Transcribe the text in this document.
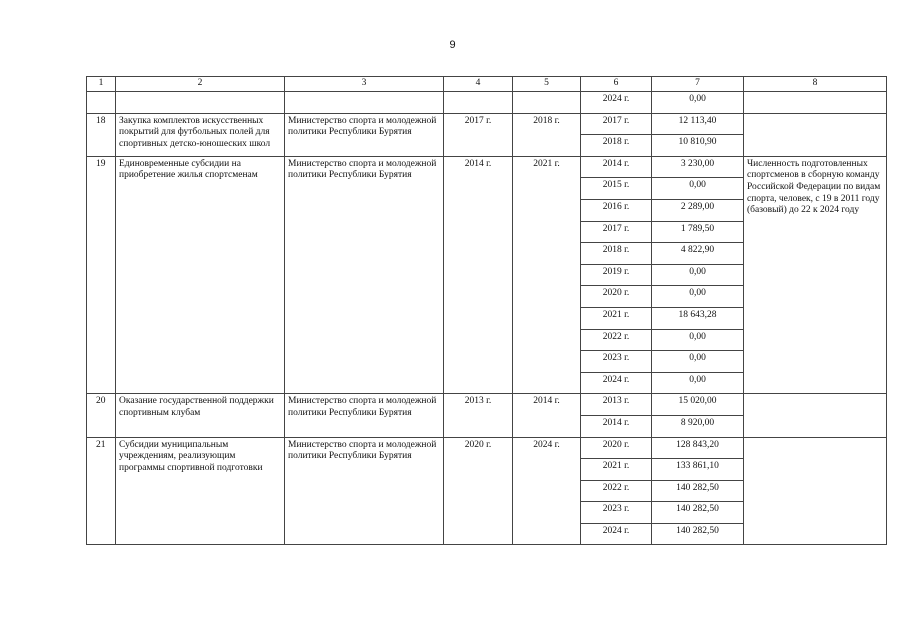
9
1	2	3	4	5	6	7	8
					2024 г.	0,00	
18	Закупка комплектов искусственных покрытий для футбольных полей для спортивных детско-юношеских школ	Министерство спорта и молодежной политики Республики Бурятия	2017 г.	2018 г.	2017 г.	12 113,40	
					2018 г.	10 810,90	
19	Единовременные субсидии на приобретение жилья спортсменам	Министерство спорта и молодежной политики Республики Бурятия	2014 г.	2021 г.	2014 г.	3 230,00	Численность подготовленных спортсменов в сборную команду Российской Федерации по видам спорта, человек, с 19 в 2011 году (базовый) до 22 к 2024 году
					2015 г.	0,00	
					2016 г.	2 289,00	
					2017 г.	1 789,50	
					2018 г.	4 822,90	
					2019 г.	0,00	
					2020 г.	0,00	
					2021 г.	18 643,28	
					2022 г.	0,00	
					2023 г.	0,00	
					2024 г.	0,00	
20	Оказание государственной поддержки спортивным клубам	Министерство спорта и молодежной политики Республики Бурятия	2013 г.	2014 г.	2013 г.	15 020,00	
					2014 г.	8 920,00	
21	Субсидии муниципальным учреждениям, реализующим программы спортивной подготовки	Министерство спорта и молодежной политики Республики Бурятия	2020 г.	2024 г.	2020 г.	128 843,20	
					2021 г.	133 861,10	
					2022 г.	140 282,50	
					2023 г.	140 282,50	
					2024 г.	140 282,50	
